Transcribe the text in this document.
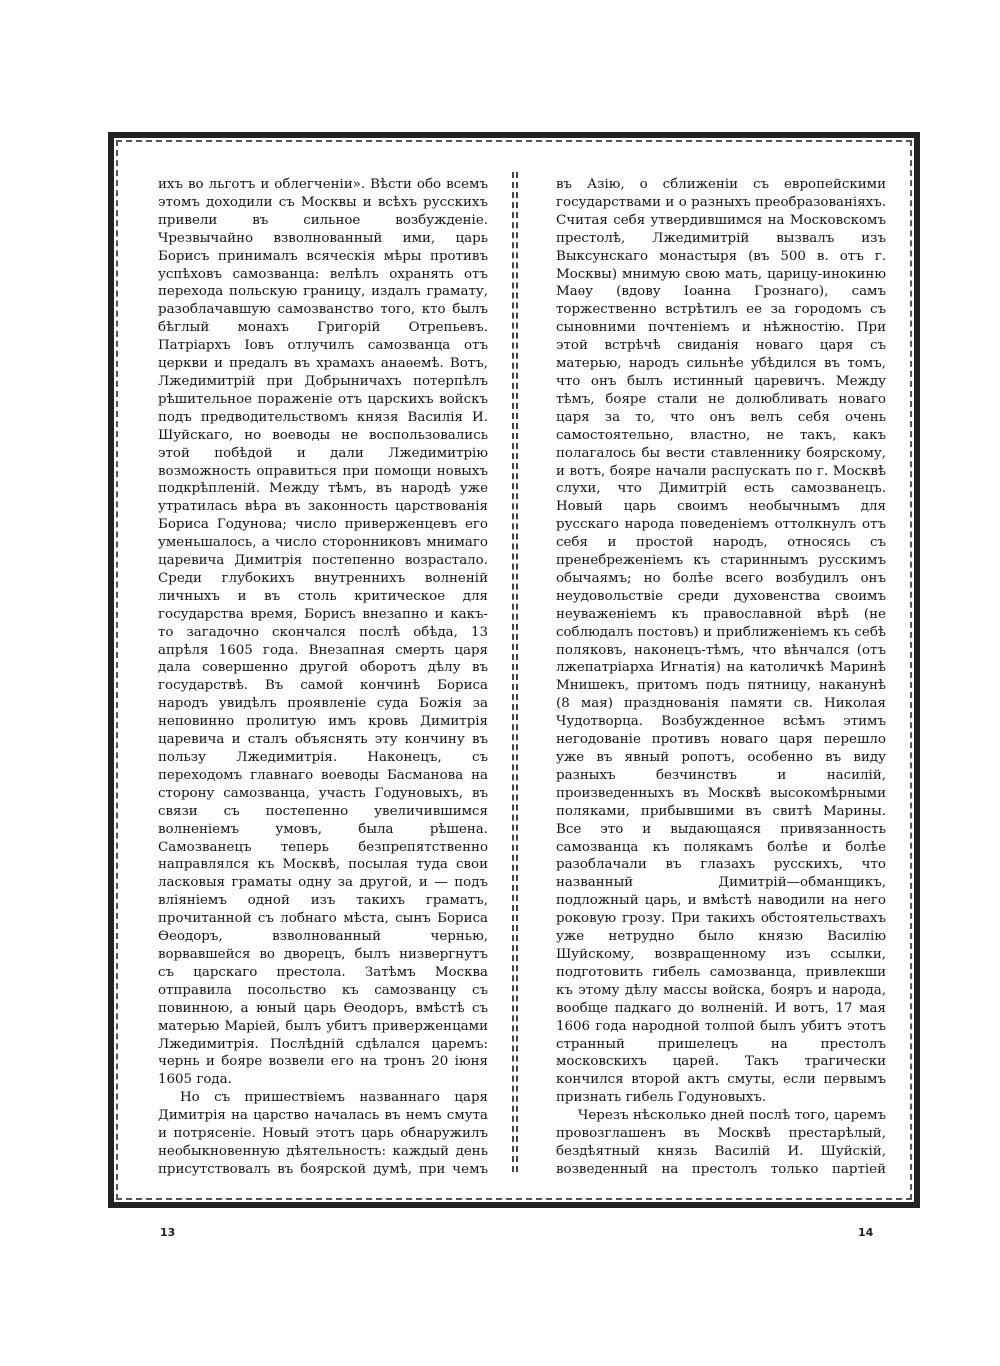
ихъ во льготъ и облегченiи». Вѣсти обо всемъ этомъ доходили съ Москвы и всѣхъ русскихъ привели въ сильное возбужденiе. Чрезвычайно взволнованный ими, царь Борисъ принималъ всяческiя мѣры противъ успѣховъ самозванца: велѣлъ охранять отъ перехода польскую границу, издалъ грамату, разоблачавшую самозванство того, кто былъ бѣглый монахъ Григорiй Отрепьевъ. Патрiархъ Iовъ отлучилъ самозванца отъ церкви и предалъ въ храмахъ анаѳемѣ. Вотъ, Лжедимитрiй при Добрыничахъ потерпѣлъ рѣшительное пораженiе отъ царскихъ войскъ подъ предводительствомъ князя Василiя И. Шуйскаго, но воеводы не воспользовались этой побѣдой и дали Лжедимитрiю возможность оправиться при помощи новыхъ подкрѣпленiй. Между тѣмъ, въ народѣ уже утратилась вѣра въ законность царствованiя Бориса Годунова; число приверженцевъ его уменьшалось, а число сторонниковъ мнимаго царевича Димитрiя постепенно возрастало. Среди глубокихъ внутреннихъ волненiй личныхъ и въ столь критическое для государства время, Борисъ внезапно и какъ-то загадочно скончался послѣ обѣда, 13 апрѣля 1605 года. Внезапная смерть царя дала совершенно другой оборотъ дѣлу въ государствѣ. Въ самой кончинѣ Бориса народъ увидѣлъ проявленiе суда Божiя за неповинно пролитую имъ кровь Димитрiя царевича и сталъ объяснять эту кончину въ пользу Лжедимитрiя. Наконецъ, съ переходомъ главнаго воеводы Басманова на сторону самозванца, участь Годуновыхъ, въ связи съ постепенно увеличившимся волненiемъ умовъ, была рѣшена. Самозванецъ теперь безпрепятственно направлялся къ Москвѣ, посылая туда свои ласковыя граматы одну за другой, и — подъ влiянiемъ одной изъ такихъ граматъ, прочитанной съ лобнаго мѣста, сынъ Бориса Ѳеодоръ, взволнованный чернью, ворвавшейся во дворецъ, былъ низвергнутъ съ царскаго престола. Затѣмъ Москва отправила посольство къ самозванцу съ повинною, а юный царь Ѳеодоръ, вмѣстѣ съ матерью Марiей, былъ убитъ приверженцами Лжедимитрiя. Послѣднiй сдѣлался царемъ: чернь и бояре возвели его на тронъ 20 iюня 1605 года.

Но съ пришествiемъ названнаго царя Димитрiя на царство началась въ немъ смута и потрясенiе. Новый этотъ царь обнаружилъ необыкновенную дѣятельность: каждый день присутствовалъ въ боярской думѣ, при чемъ

въ Азiю, о сближенiи съ европейскими государствами и о разныхъ преобразованiяхъ. Считая себя утвердившимся на Московскомъ престолѣ, Лжедимитрiй вызвалъ изъ Выксунскаго монастыря (въ 500 в. отъ г. Москвы) мнимую свою мать, царицу-инокиню Маѳу (вдову Iоанна Грознаго), самъ торжественно встрѣтилъ ее за городомъ съ сыновними почтенiемъ и нѣжностiю. При этой встрѣчѣ свиданiя новаго царя съ матерью, народъ сильнѣе убѣдился въ томъ, что онъ былъ истинный царевичъ. Между тѣмъ, бояре стали не долюбливать новаго царя за то, что онъ велъ себя очень самостоятельно, властно, не такъ, какъ полагалось бы вести ставленнику боярскому, и вотъ, бояре начали распускать по г. Москвѣ слухи, что Димитрiй есть самозванецъ. Новый царь своимъ необычнымъ для русскаго народа поведенiемъ оттолкнулъ отъ себя и простой народъ, относясь съ пренебреженiемъ къ стариннымъ русскимъ обычаямъ; но болѣе всего возбудилъ онъ неудовольствiе среди духовенства своимъ неуваженiемъ къ православной вѣрѣ (не соблюдалъ постовъ) и приближенiемъ къ себѣ поляковъ, наконецъ-тѣмъ, что вѣнчался (отъ лжепатрiарха Игнатiя) на католичкѣ Маринѣ Мнишекъ, притомъ подъ пятницу, наканунѣ (8 мая) празднованiя памяти св. Николая Чудотворца. Возбужденное всѣмъ этимъ негодованiе противъ новаго царя перешло уже въ явный ропотъ, особенно въ виду разныхъ безчинствъ и насилiй, произведенныхъ въ Москвѣ высокомѣрными поляками, прибывшими въ свитѣ Марины. Все это и выдающаяся привязанность самозванца къ полякамъ болѣе и болѣе разоблачали въ глазахъ русскихъ, что названный Димитрiй—обманщикъ, подложный царь, и вмѣстѣ наводили на него роковую грозу. При такихъ обстоятельствахъ уже нетрудно было князю Василiю Шуйскому, возвращенному изъ ссылки, подготовить гибель самозванца, привлекши къ этому дѣлу массы войска, бояръ и народа, вообще падкаго до волненiй. И вотъ, 17 мая 1606 года народной толпой былъ убитъ этотъ странный пришелецъ на престолъ московскихъ царей. Такъ трагически кончился второй актъ смуты, если первымъ признать гибель Годуновыхъ.

Черезъ нѣсколько дней послѣ того, царемъ провозглашенъ въ Москвѣ престарѣлый, бездѣятный князь Василiй И. Шуйскiй, возведенный на престолъ только партiей

13	14
